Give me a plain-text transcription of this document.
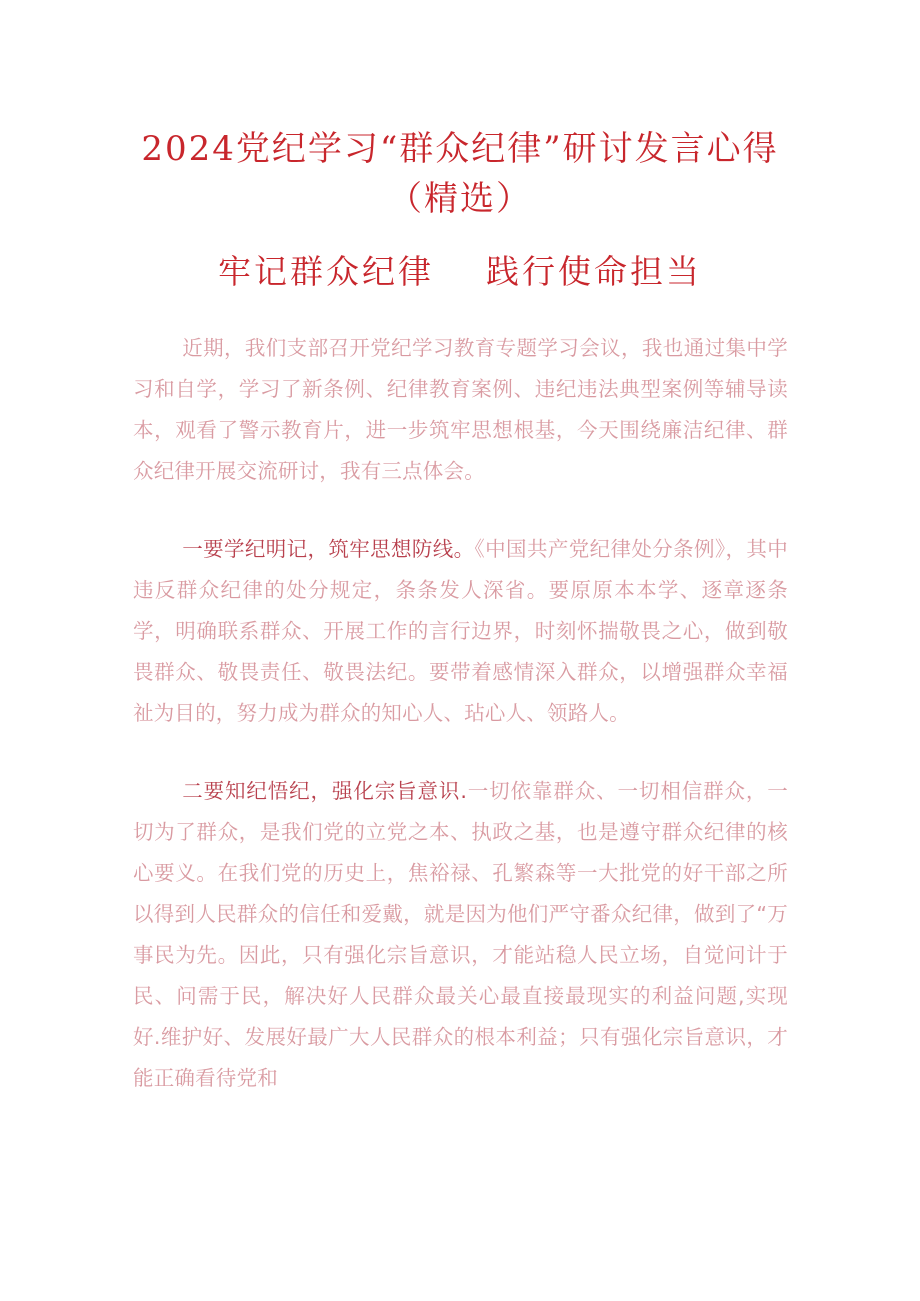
2024党纪学习“群众纪律”研讨发言心得（精选）
牢记群众纪律 践行使命担当

近期，我们支部召开党纪学习教育专题学习会议，我也通过集中学习和自学，学习了新条例、纪律教育案例、违纪违法典型案例等辅导读本，观看了警示教育片，进一步筑牢思想根基，今天围绕廉洁纪律、群众纪律开展交流研讨，我有三点体会。

一要学纪明记，筑牢思想防线。《中国共产党纪律处分条例》，其中违反群众纪律的处分规定，条条发人深省。要原原本本学、逐章逐条学，明确联系群众、开展工作的言行边界，时刻怀揣敬畏之心，做到敬畏群众、敬畏责任、敬畏法纪。要带着感情深入群众，以增强群众幸福祉为目的，努力成为群众的知心人、玷心人、领路人。

二要知纪悟纪，强化宗旨意识.一切依靠群众、一切相信群众，一切为了群众，是我们党的立党之本、执政之基，也是遵守群众纪律的核心要义。在我们党的历史上，焦裕禄、孔繁森等一大批党的好干部之所以得到人民群众的信任和爱戴，就是因为他们严守番众纪律，做到了“万事民为先。因此，只有强化宗旨意识，才能站稳人民立场，自觉问计于民、问需于民，解决好人民群众最关心最直接最现实的利益问题,实现好.维护好、发展好最广大人民群众的根本利益；只有强化宗旨意识，才能正确看待党和
